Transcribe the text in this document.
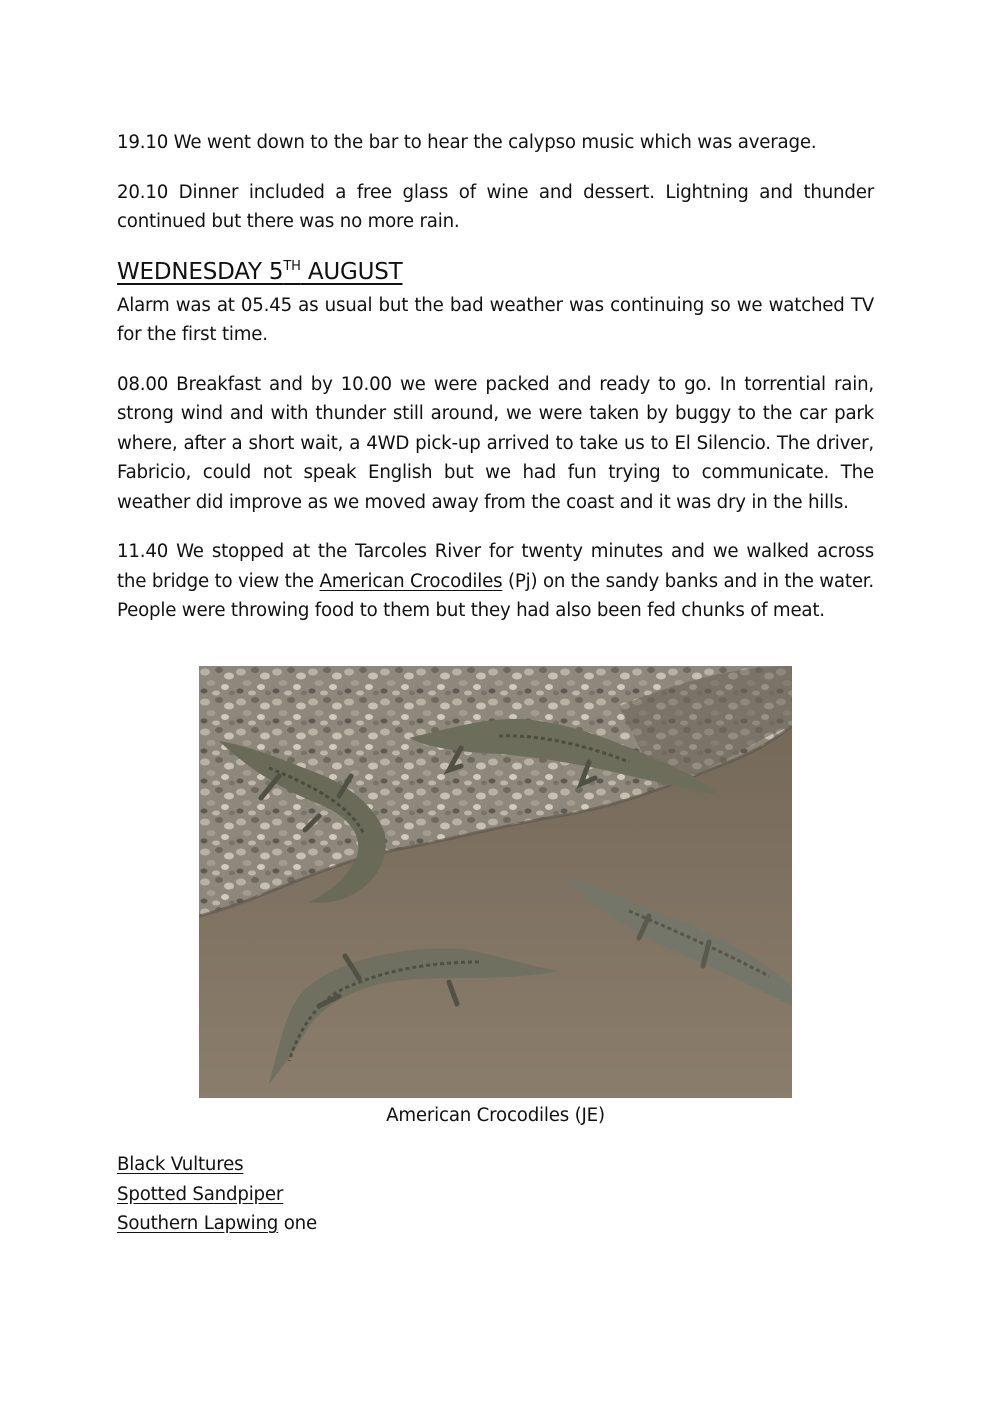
19.10 We went down to the bar to hear the calypso music which was average.

20.10 Dinner included a free glass of wine and dessert. Lightning and thunder continued but there was no more rain.

WEDNESDAY 5TH AUGUST

Alarm was at 05.45 as usual but the bad weather was continuing so we watched TV for the first time.

08.00 Breakfast and by 10.00 we were packed and ready to go. In torrential rain, strong wind and with thunder still around, we were taken by buggy to the car park where, after a short wait, a 4WD pick-up arrived to take us to El Silencio. The driver, Fabricio, could not speak English but we had fun trying to communicate. The weather did improve as we moved away from the coast and it was dry in the hills.

11.40 We stopped at the Tarcoles River for twenty minutes and we walked across the bridge to view the American Crocodiles (Pj) on the sandy banks and in the water. People were throwing food to them but they had also been fed chunks of meat.

American Crocodiles (JE)
Black Vultures
Spotted Sandpiper
Southern Lapwing one
